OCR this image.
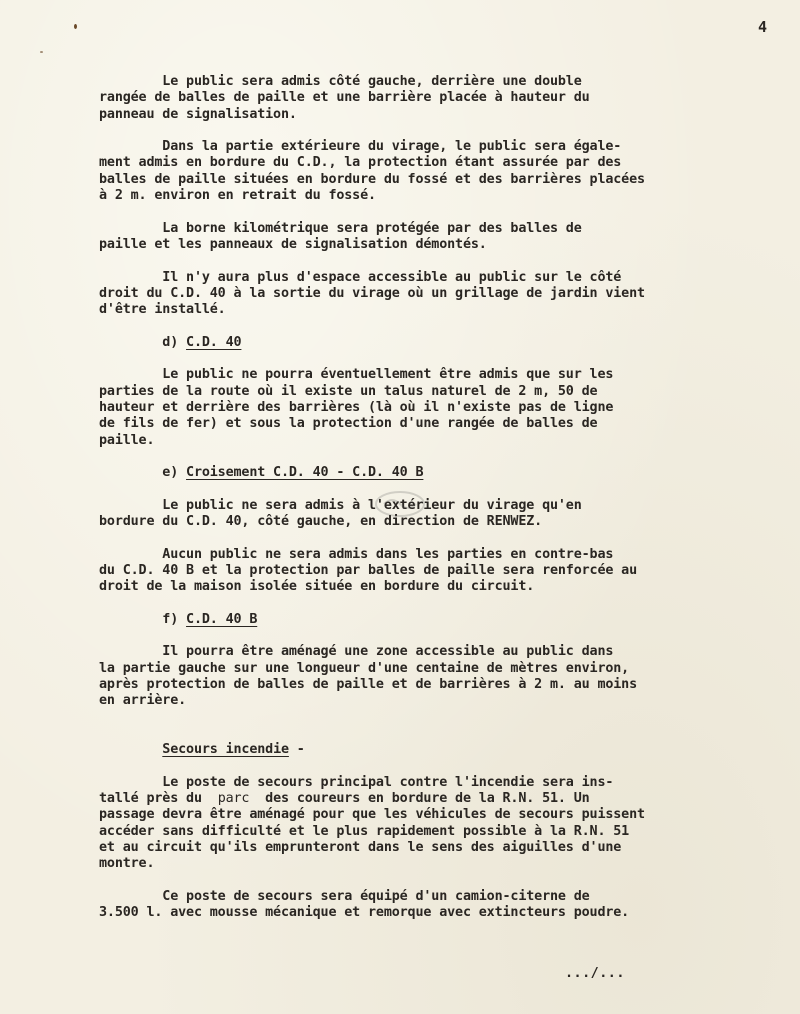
4
Le public sera admis côté gauche, derrière une double
rangée de balles de paille et une barrière placée à hauteur du
panneau de signalisation.
Dans la partie extérieure du virage, le public sera égale-
ment admis en bordure du C.D., la protection étant assurée par des
balles de paille situées en bordure du fossé et des barrières placées
à 2 m. environ en retrait du fossé.
La borne kilométrique sera protégée par des balles de
paille et les panneaux de signalisation démontés.
Il n'y aura plus d'espace accessible au public sur le côté
droit du C.D. 40 à la sortie du virage où un grillage de jardin vient
d'être installé.
d) C.D. 40
Le public ne pourra éventuellement être admis que sur les
parties de la route où il existe un talus naturel de 2 m, 50 de
hauteur et derrière des barrières (là où il n'existe pas de ligne
de fils de fer) et sous la protection d'une rangée de balles de
paille.
e) Croisement C.D. 40 - C.D. 40 B
Le public ne sera admis à l'extérieur du virage qu'en
bordure du C.D. 40, côté gauche, en direction de RENWEZ.
Aucun public ne sera admis dans les parties en contre-bas
du C.D. 40 B et la protection par balles de paille sera renforcée au
droit de la maison isolée située en bordure du circuit.
f) C.D. 40 B
Il pourra être aménagé une zone accessible au public dans
la partie gauche sur une longueur d'une centaine de mètres environ,
après protection de balles de paille et de barrières à 2 m. au moins
en arrière.
Secours incendie -
Le poste de secours principal contre l'incendie sera ins-
tallé près du  parc  des coureurs en bordure de la R.N. 51. Un
passage devra être aménagé pour que les véhicules de secours puissent
accéder sans difficulté et le plus rapidement possible à la R.N. 51
et au circuit qu'ils emprunteront dans le sens des aiguilles d'une
montre.
Ce poste de secours sera équipé d'un camion-citerne de
3.500 l. avec mousse mécanique et remorque avec extincteurs poudre.
.../...
